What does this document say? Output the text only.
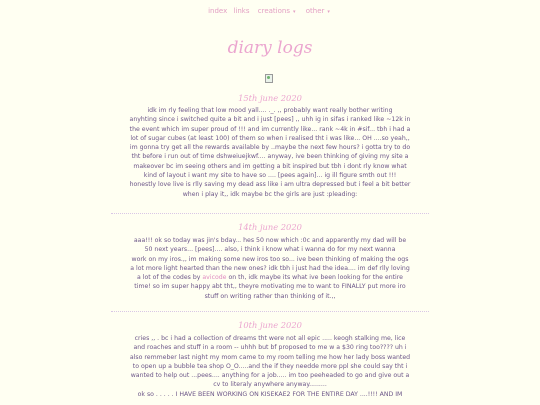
index links creations ▾ other ▾
diary logs
15th june 2020
idk im rly feeling that low mood yall.... ._. ,, probably want really bother writing
anyhting since i switched quite a bit and i just [pees] ,, uhh ig in sifas i ranked like ~12k in
the event which im super proud of !!! and im currently like... rank ~4k in #sif... tbh i had a
lot of sugar cubes (at least 100) of them so when i realised tht i was like... OH ....so yeah,,
im gonna try get all the rewards available by ..maybe the next few hours? i gotta try to do
tht before i run out of time dshweiuejkwf.... anyway, ive been thinking of giving my site a
makeover bc im seeing others and im getting a bit inspired but tbh i dont rly know what
kind of layout i want my site to have so .... [pees again]... ig ill figure smth out !!!
honestly love live is rlly saving my dead ass like i am ultra depressed but i feel a bit better
when i play it,, idk maybe bc the girls are just :pleading:
14th june 2020
aaa!!! ok so today was jin's bday... hes 50 now which :0c and apparently my dad will be
50 next years... [pees].... also, i think i know what i wanna do for my next wanna
work on my iros.,, im making some new iros too so... ive been thinking of making the ogs
a lot more light hearted than the new ones? idk tbh i just had the idea.... im def rlly loving
a lot of the codes by avicode on th, idk maybe its what ive been looking for the entire
time! so im super happy abt tht,, theyre motivating me to want to FINALLY put more iro
stuff on writing rather than thinking of it.,,
10th june 2020
cries ,, . bc i had a collection of dreams tht were not all epic ..... keogh stalking me, lice
and roaches and stuff in a room -- uhhh but bf proposed to me w a $30 ring too???? uh i
also remmeber last night my mom came to my room telling me how her lady boss wanted
to open up a bubble tea shop O_O.....and the if they needde more ppl she could say tht i
wanted to help out ...pees.... anything for a job..... im too peeheaded to go and give out a
cv to literaly anywhere anyway.........
ok so . . . . . I HAVE BEEN WORKING ON KISEKAE2 FOR THE ENTIRE DAY ....!!!! AND IM
